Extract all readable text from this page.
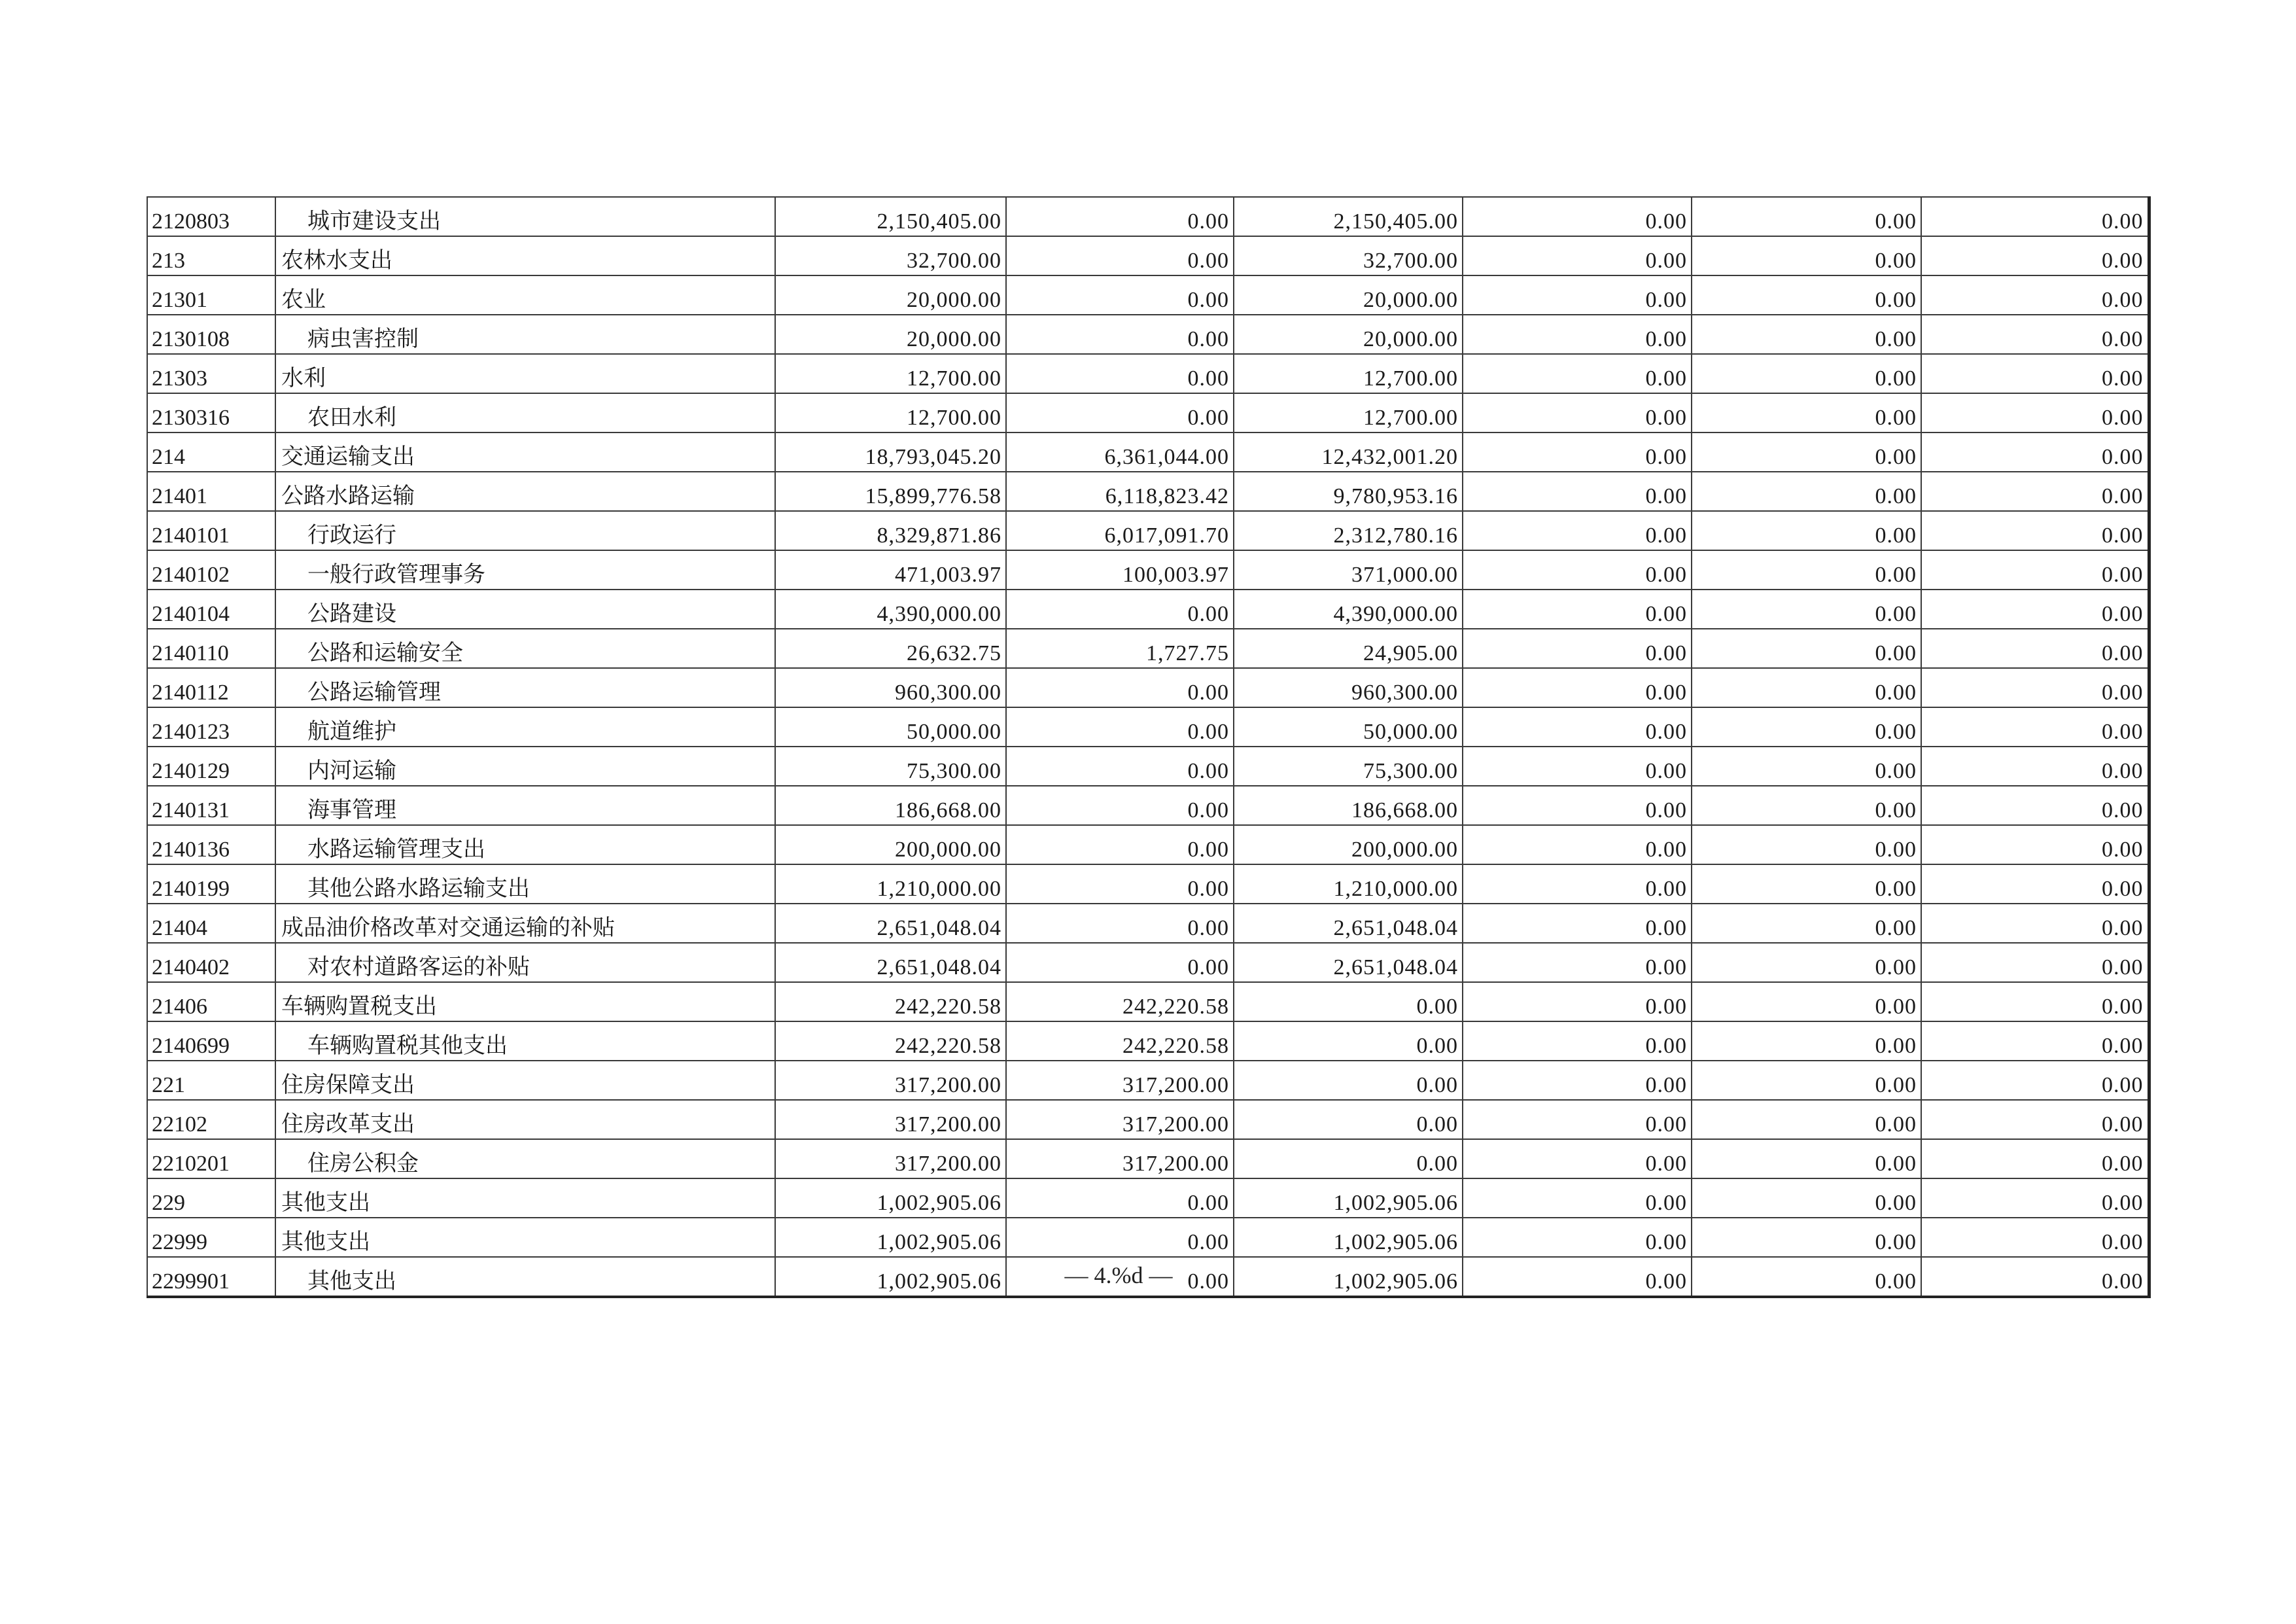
2120803	城市建设支出	2,150,405.00	0.00	2,150,405.00	0.00	0.00	0.00
213	农林水支出	32,700.00	0.00	32,700.00	0.00	0.00	0.00
21301	农业	20,000.00	0.00	20,000.00	0.00	0.00	0.00
2130108	病虫害控制	20,000.00	0.00	20,000.00	0.00	0.00	0.00
21303	水利	12,700.00	0.00	12,700.00	0.00	0.00	0.00
2130316	农田水利	12,700.00	0.00	12,700.00	0.00	0.00	0.00
214	交通运输支出	18,793,045.20	6,361,044.00	12,432,001.20	0.00	0.00	0.00
21401	公路水路运输	15,899,776.58	6,118,823.42	9,780,953.16	0.00	0.00	0.00
2140101	行政运行	8,329,871.86	6,017,091.70	2,312,780.16	0.00	0.00	0.00
2140102	一般行政管理事务	471,003.97	100,003.97	371,000.00	0.00	0.00	0.00
2140104	公路建设	4,390,000.00	0.00	4,390,000.00	0.00	0.00	0.00
2140110	公路和运输安全	26,632.75	1,727.75	24,905.00	0.00	0.00	0.00
2140112	公路运输管理	960,300.00	0.00	960,300.00	0.00	0.00	0.00
2140123	航道维护	50,000.00	0.00	50,000.00	0.00	0.00	0.00
2140129	内河运输	75,300.00	0.00	75,300.00	0.00	0.00	0.00
2140131	海事管理	186,668.00	0.00	186,668.00	0.00	0.00	0.00
2140136	水路运输管理支出	200,000.00	0.00	200,000.00	0.00	0.00	0.00
2140199	其他公路水路运输支出	1,210,000.00	0.00	1,210,000.00	0.00	0.00	0.00
21404	成品油价格改革对交通运输的补贴	2,651,048.04	0.00	2,651,048.04	0.00	0.00	0.00
2140402	对农村道路客运的补贴	2,651,048.04	0.00	2,651,048.04	0.00	0.00	0.00
21406	车辆购置税支出	242,220.58	242,220.58	0.00	0.00	0.00	0.00
2140699	车辆购置税其他支出	242,220.58	242,220.58	0.00	0.00	0.00	0.00
221	住房保障支出	317,200.00	317,200.00	0.00	0.00	0.00	0.00
22102	住房改革支出	317,200.00	317,200.00	0.00	0.00	0.00	0.00
2210201	住房公积金	317,200.00	317,200.00	0.00	0.00	0.00	0.00
229	其他支出	1,002,905.06	0.00	1,002,905.06	0.00	0.00	0.00
22999	其他支出	1,002,905.06	0.00	1,002,905.06	0.00	0.00	0.00
2299901	其他支出	1,002,905.06	0.00	1,002,905.06	0.00	0.00	0.00
— 4.%d —
